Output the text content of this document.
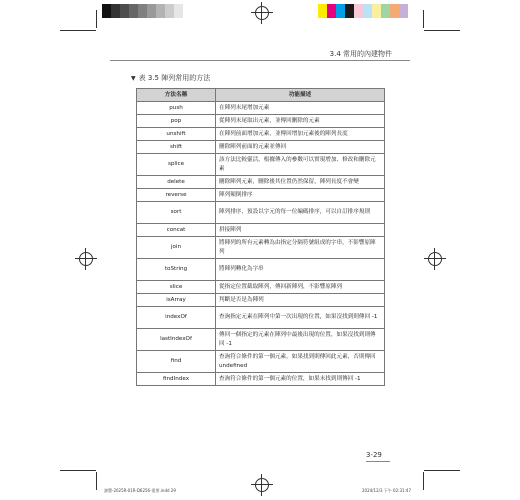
3.4 常用的內建物件
▼ 表 3.5 陣列常用的方法
方法名稱	功能描述
push	在陣列末尾增加元素
pop	從陣列末尾取出元素，並傳回刪除的元素
unshift	在陣列前面增加元素，並傳回增加元素後的陣列長度
shift	刪除陣列前面的元素並傳回
splice	該方法比較靈活，根據傳入的參數可以實現增加、修改和刪除元素
delete	刪除陣列元素，刪除後其位置仍然保留，陣列長度不會變
reverse	陣列顛倒排序
sort	陣列排序，預設以字元的每一位編碼排序，可以自訂排序規則
concat	拼接陣列
join	將陣列的所有元素轉為由指定分隔符號組成的字串，不影響原陣列
toString	將陣列轉化為字串
slice	從指定位置截取陣列，傳回新陣列，不影響原陣列
isArray	判斷是否是為陣列
indexOf	查詢指定元素在陣列中第一次出現的位置，如果沒找到則傳回 -1
lastIndexOf	傳回一個指定的元素在陣列中最後出現的位置，如果沒找到則傳回 -1
find	查詢符合條件的第一個元素，如果找到則傳回此元素，否則傳回 undefined
findIndex	查詢符合條件的第一個元素的位置，如果未找到則傳回 -1
3-29
課豐-2025R-01R-D6256-重要.indd 29	2024/12/3 下午 02:31:47
